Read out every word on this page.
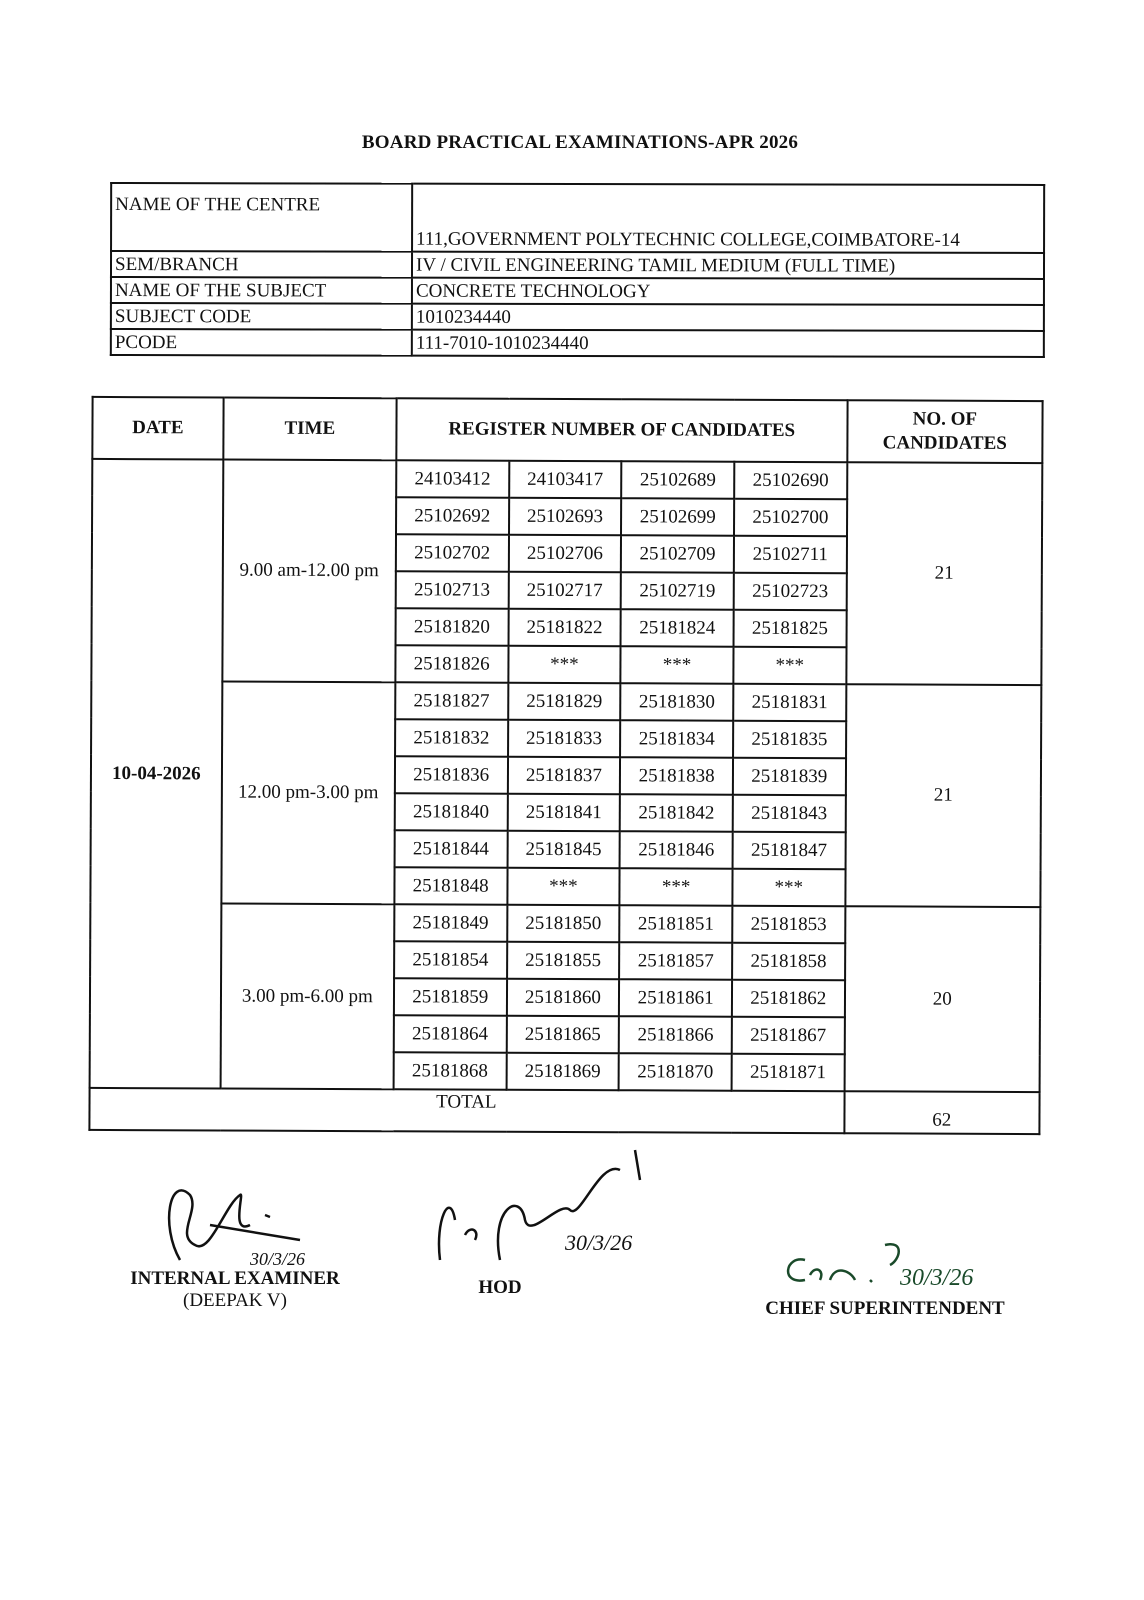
BOARD PRACTICAL EXAMINATIONS-APR 2026
NAME OF THE CENTRE	111,GOVERNMENT POLYTECHNIC COLLEGE,COIMBATORE-14
SEM/BRANCH	IV / CIVIL ENGINEERING TAMIL MEDIUM (FULL TIME)
NAME OF THE SUBJECT	CONCRETE TECHNOLOGY
SUBJECT CODE	1010234440
PCODE	111-7010-1010234440
DATE	TIME	REGISTER NUMBER OF CANDIDATES				NO. OF CANDIDATES
10-04-2026	9.00 am-12.00 pm	24103412	24103417	25102689	25102690	21
		25102692	25102693	25102699	25102700	
		25102702	25102706	25102709	25102711	
		25102713	25102717	25102719	25102723	
		25181820	25181822	25181824	25181825	
		25181826	***	***	***	
	12.00 pm-3.00 pm	25181827	25181829	25181830	25181831	21
		25181832	25181833	25181834	25181835	
		25181836	25181837	25181838	25181839	
		25181840	25181841	25181842	25181843	
		25181844	25181845	25181846	25181847	
		25181848	***	***	***	
	3.00 pm-6.00 pm	25181849	25181850	25181851	25181853	20
		25181854	25181855	25181857	25181858	
		25181859	25181860	25181861	25181862	
		25181864	25181865	25181866	25181867	
		25181868	25181869	25181870	25181871	
TOTAL						62
INTERNAL EXAMINER
(DEEPAK V)
30/3/26
HOD
30/3/26
CHIEF SUPERINTENDENT
30/3/26
